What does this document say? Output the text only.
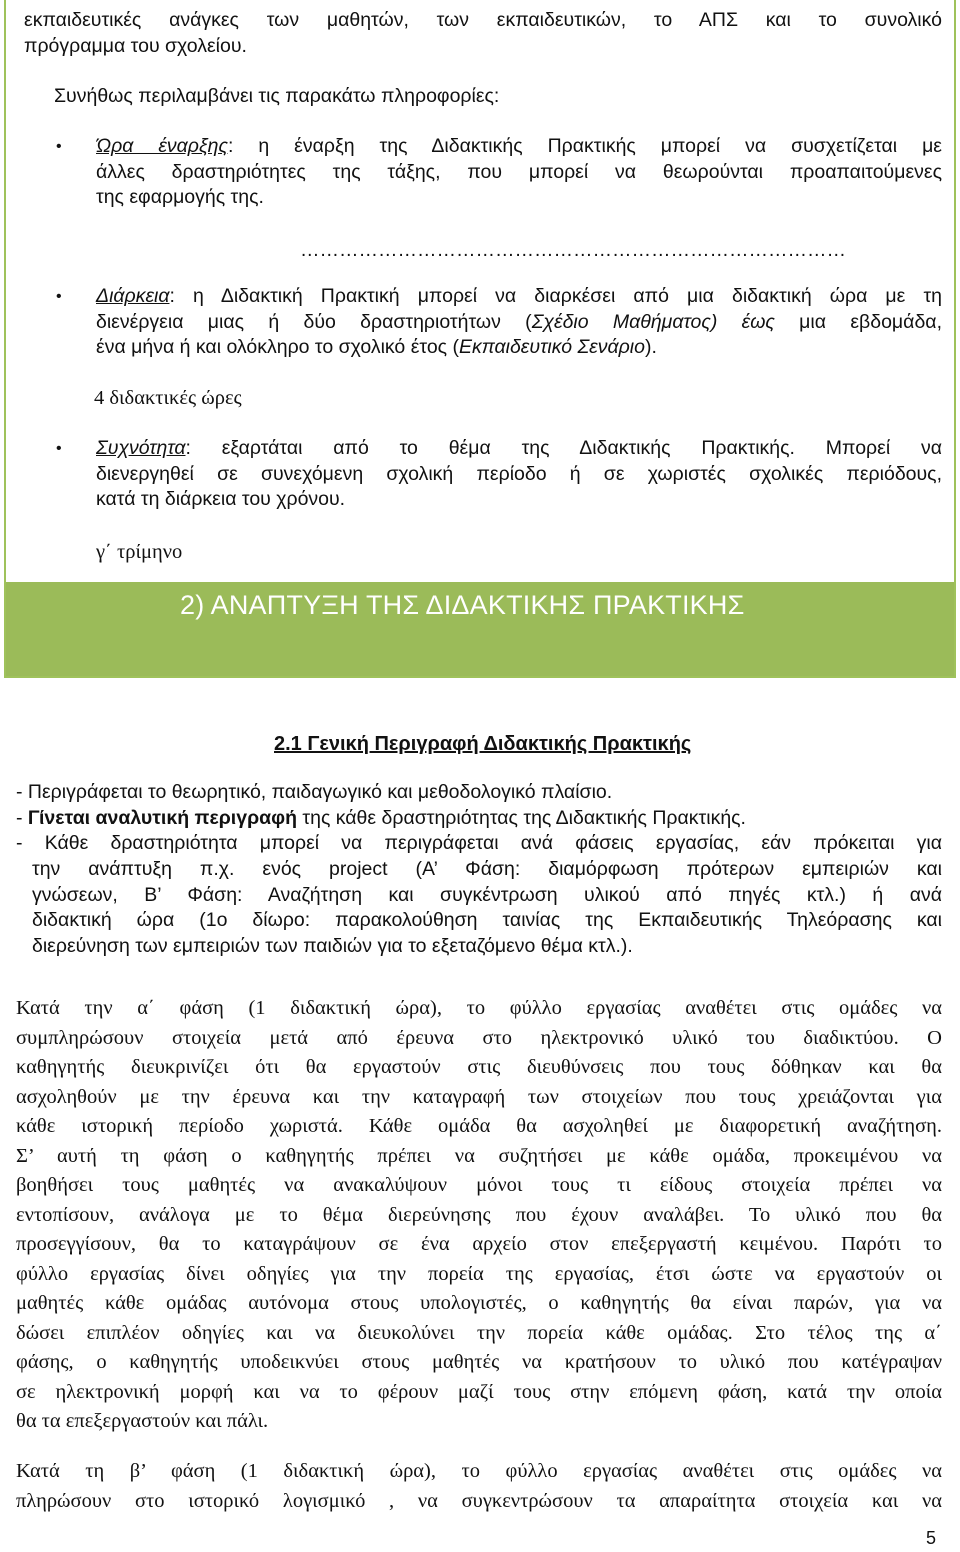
εκπαιδευτικές ανάγκες των μαθητών, των εκπαιδευτικών, το ΑΠΣ και το συνολικό
πρόγραμμα του σχολείου.
Συνήθως περιλαμβάνει τις παρακάτω πληροφορίες:
• Ώρα έναρξης: η έναρξη της Διδακτικής Πρακτικής μπορεί να συσχετίζεται με
άλλες δραστηριότητες της τάξης, που μπορεί να θεωρούνται προαπαιτούμενες
της εφαρμογής της.
…………………………………………………………………………
• Διάρκεια: η Διδακτική Πρακτική μπορεί να διαρκέσει από μια διδακτική ώρα με τη
διενέργεια μιας ή δύο δραστηριοτήτων (Σχέδιο Μαθήματος) έως μια εβδομάδα,
ένα μήνα ή και ολόκληρο το σχολικό έτος (Εκπαιδευτικό Σενάριο).
4 διδακτικές ώρες
• Συχνότητα: εξαρτάται από το θέμα της Διδακτικής Πρακτικής. Μπορεί να
διενεργηθεί σε συνεχόμενη σχολική περίοδο ή σε χωριστές σχολικές περιόδους,
κατά τη διάρκεια του χρόνου.
γ΄ τρίμηνο
2) ΑΝΑΠΤΥΞΗ ΤΗΣ ΔΙΔΑΚΤΙΚΗΣ ΠΡΑΚΤΙΚΗΣ
2.1 Γενική Περιγραφή Διδακτικής Πρακτικής
- Περιγράφεται το θεωρητικό, παιδαγωγικό και μεθοδολογικό πλαίσιο.
- Γίνεται αναλυτική περιγραφή της κάθε δραστηριότητας της Διδακτικής Πρακτικής.
- Κάθε δραστηριότητα μπορεί να περιγράφεται ανά φάσεις εργασίας, εάν πρόκειται για
την ανάπτυξη π.χ. ενός project (Α’ Φάση: διαμόρφωση πρότερων εμπειριών και
γνώσεων, Β’ Φάση: Αναζήτηση και συγκέντρωση υλικού από πηγές κτλ.) ή ανά
διδακτική ώρα (1ο δίωρο: παρακολούθηση ταινίας της Εκπαιδευτικής Τηλεόρασης και
διερεύνηση των εμπειριών των παιδιών για το εξεταζόμενο θέμα κτλ.).
Κατά την α΄ φάση (1 διδακτική ώρα), το φύλλο εργασίας αναθέτει στις ομάδες να
συμπληρώσουν στοιχεία μετά από έρευνα στο ηλεκτρονικό υλικό του διαδικτύου. Ο
καθηγητής διευκρινίζει ότι θα εργαστούν στις διευθύνσεις που τους δόθηκαν και θα
ασχοληθούν με την έρευνα και την καταγραφή των στοιχείων που τους χρειάζονται για
κάθε ιστορική περίοδο χωριστά. Κάθε ομάδα θα ασχοληθεί με διαφορετική αναζήτηση.
Σ’ αυτή τη φάση ο καθηγητής πρέπει να συζητήσει με κάθε ομάδα, προκειμένου να
βοηθήσει τους μαθητές να ανακαλύψουν μόνοι τους τι είδους στοιχεία πρέπει να
εντοπίσουν, ανάλογα με το θέμα διερεύνησης που έχουν αναλάβει. Το υλικό που θα
προσεγγίσουν, θα το καταγράψουν σε ένα αρχείο στον επεξεργαστή κειμένου. Παρότι το
φύλλο εργασίας δίνει οδηγίες για την πορεία της εργασίας, έτσι ώστε να εργαστούν οι
μαθητές κάθε ομάδας αυτόνομα στους υπολογιστές, ο καθηγητής θα είναι παρών, για να
δώσει επιπλέον οδηγίες και να διευκολύνει την πορεία κάθε ομάδας. Στο τέλος της α΄
φάσης, ο καθηγητής υποδεικνύει στους μαθητές να κρατήσουν το υλικό που κατέγραψαν
σε ηλεκτρονική μορφή και να το φέρουν μαζί τους στην επόμενη φάση, κατά την οποία
θα τα επεξεργαστούν και πάλι.
Κατά τη β’ φάση (1 διδακτική ώρα), το φύλλο εργασίας αναθέτει στις ομάδες να
πληρώσουν στο ιστορικό λογισμικό , να συγκεντρώσουν τα απαραίτητα στοιχεία και να
5
